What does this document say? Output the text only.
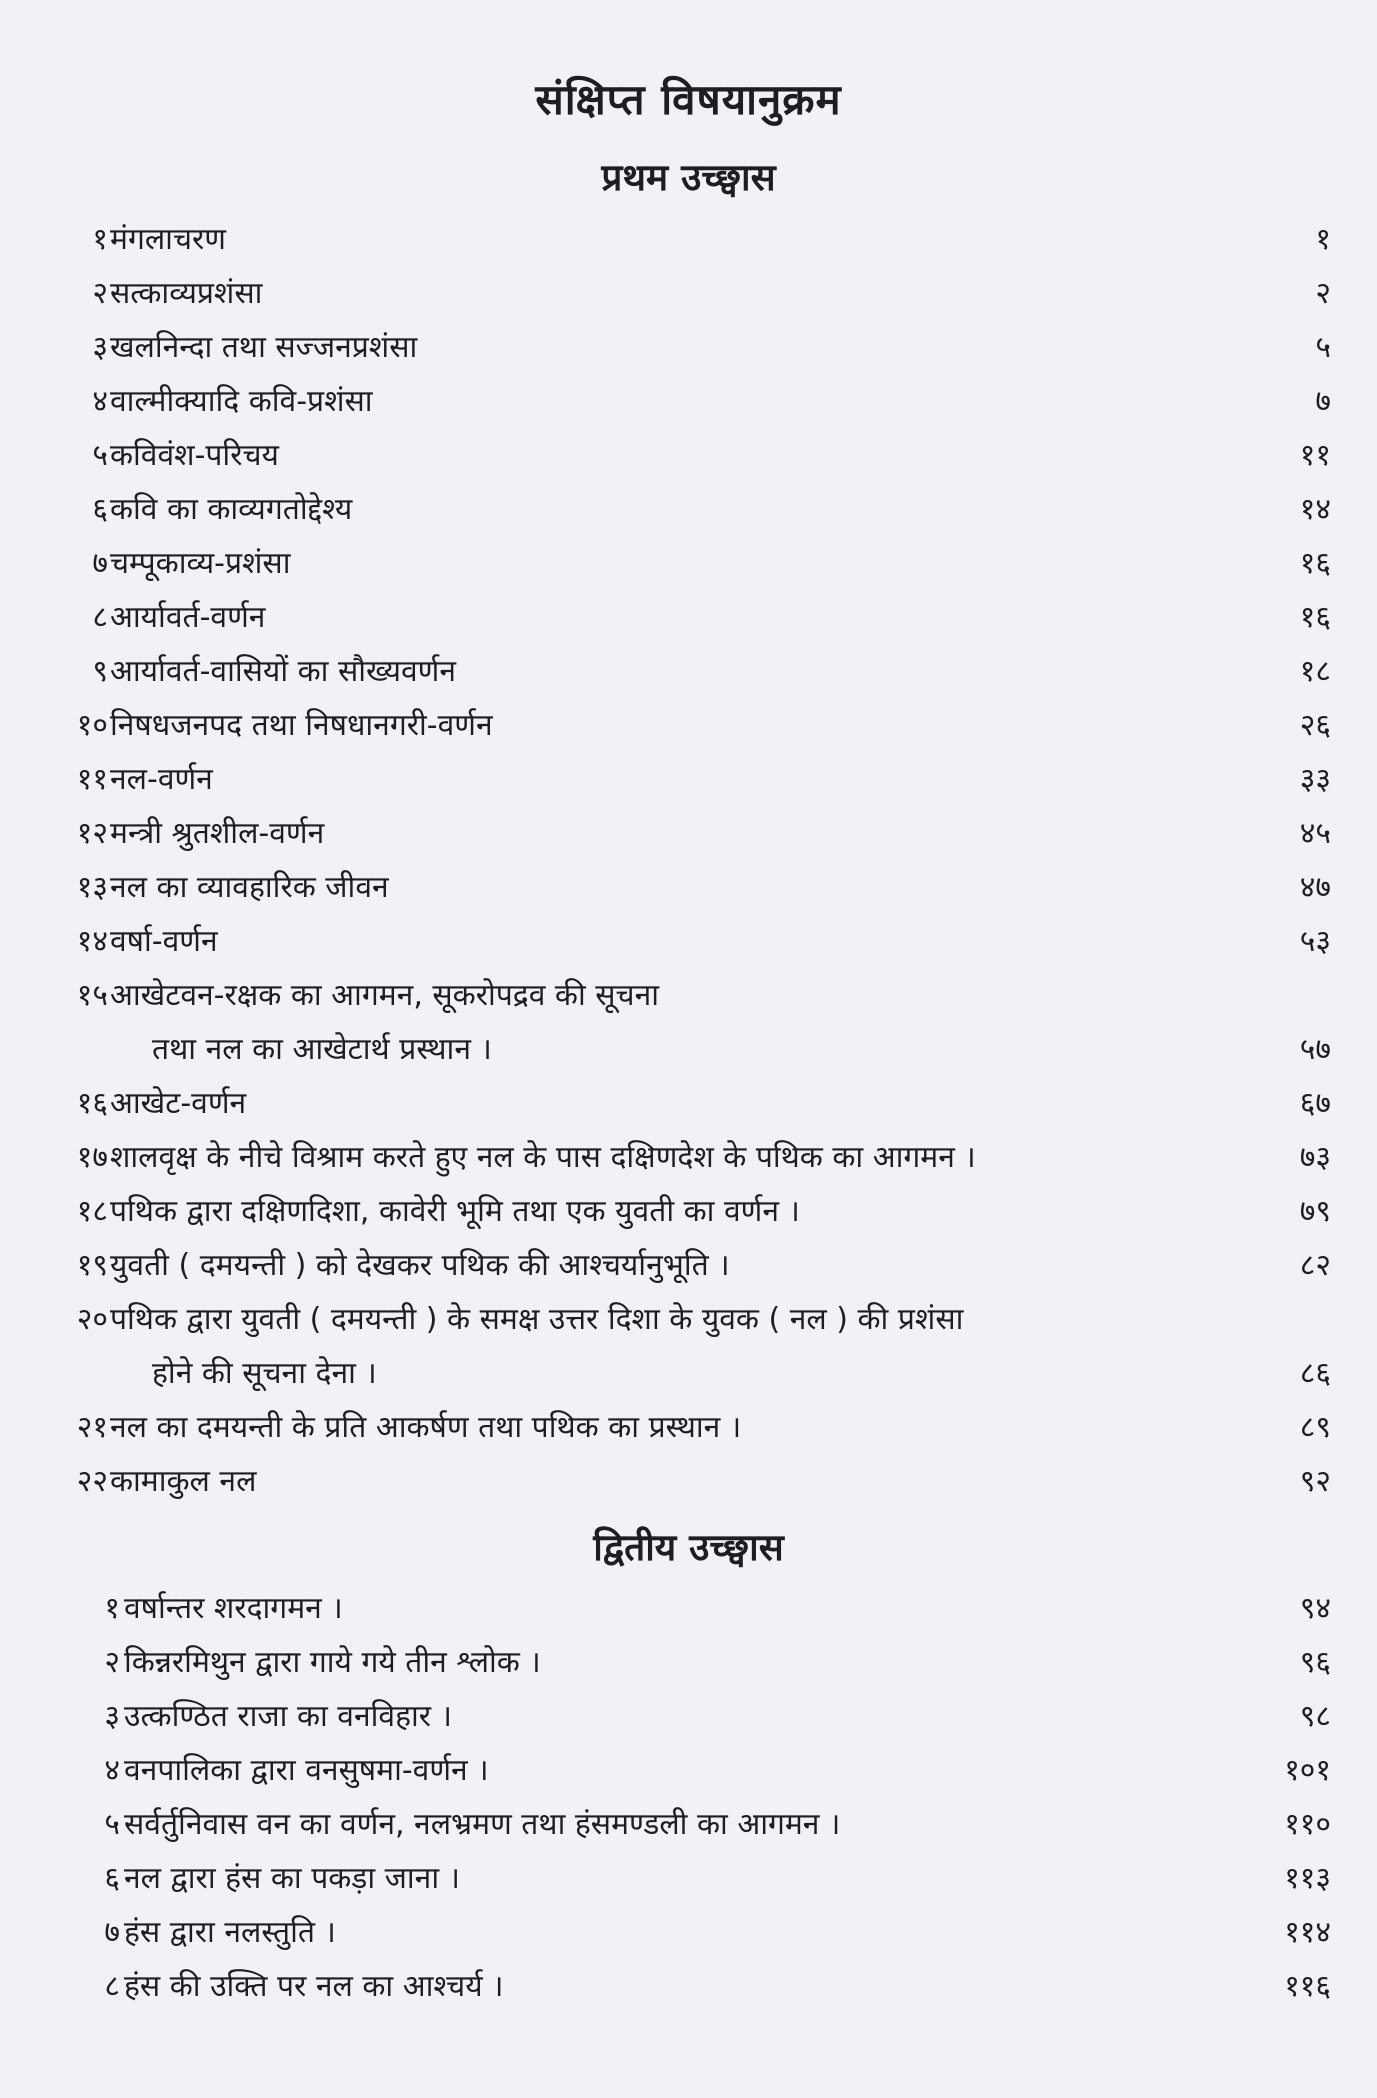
संक्षिप्त विषयानुक्रम
प्रथम उच्छ्वास
१ मंगलाचरण	१
२ सत्काव्यप्रशंसा	२
३ खलनिन्दा तथा सज्जनप्रशंसा	५
४ वाल्मीक्यादि कवि-प्रशंसा	७
५ कविवंश-परिचय	११
६ कवि का काव्यगतोद्देश्य	१४
७ चम्पूकाव्य-प्रशंसा	१६
८ आर्यावर्त-वर्णन	१६
९ आर्यावर्त-वासियों का सौख्यवर्णन	१८
१० निषधजनपद तथा निषधानगरी-वर्णन	२६
११ नल-वर्णन	३३
१२ मन्त्री श्रुतशील-वर्णन	४५
१३ नल का व्यावहारिक जीवन	४७
१४ वर्षा-वर्णन	५३
१५ आखेटवन-रक्षक का आगमन, सूकरोपद्रव की सूचना
तथा नल का आखेटार्थ प्रस्थान ।	५७
१६ आखेट-वर्णन	६७
१७ शालवृक्ष के नीचे विश्राम करते हुए नल के पास दक्षिणदेश के पथिक का आगमन ।	७३
१८ पथिक द्वारा दक्षिणदिशा, कावेरी भूमि तथा एक युवती का वर्णन ।	७९
१९ युवती ( दमयन्ती ) को देखकर पथिक की आश्चर्यानुभूति ।	८२
२० पथिक द्वारा युवती ( दमयन्ती ) के समक्ष उत्तर दिशा के युवक ( नल ) की प्रशंसा
होने की सूचना देना ।	८६
२१ नल का दमयन्ती के प्रति आकर्षण तथा पथिक का प्रस्थान ।	८९
२२ कामाकुल नल	९२
द्वितीय उच्छ्वास
१ वर्षान्तर शरदागमन ।	९४
२ किन्नरमिथुन द्वारा गाये गये तीन श्लोक ।	९६
३ उत्कण्ठित राजा का वनविहार ।	९८
४ वनपालिका द्वारा वनसुषमा-वर्णन ।	१०१
५ सर्वर्तुनिवास वन का वर्णन, नलभ्रमण तथा हंसमण्डली का आगमन ।	११०
६ नल द्वारा हंस का पकड़ा जाना ।	११३
७ हंस द्वारा नलस्तुति ।	११४
८ हंस की उक्ति पर नल का आश्चर्य ।	११६
